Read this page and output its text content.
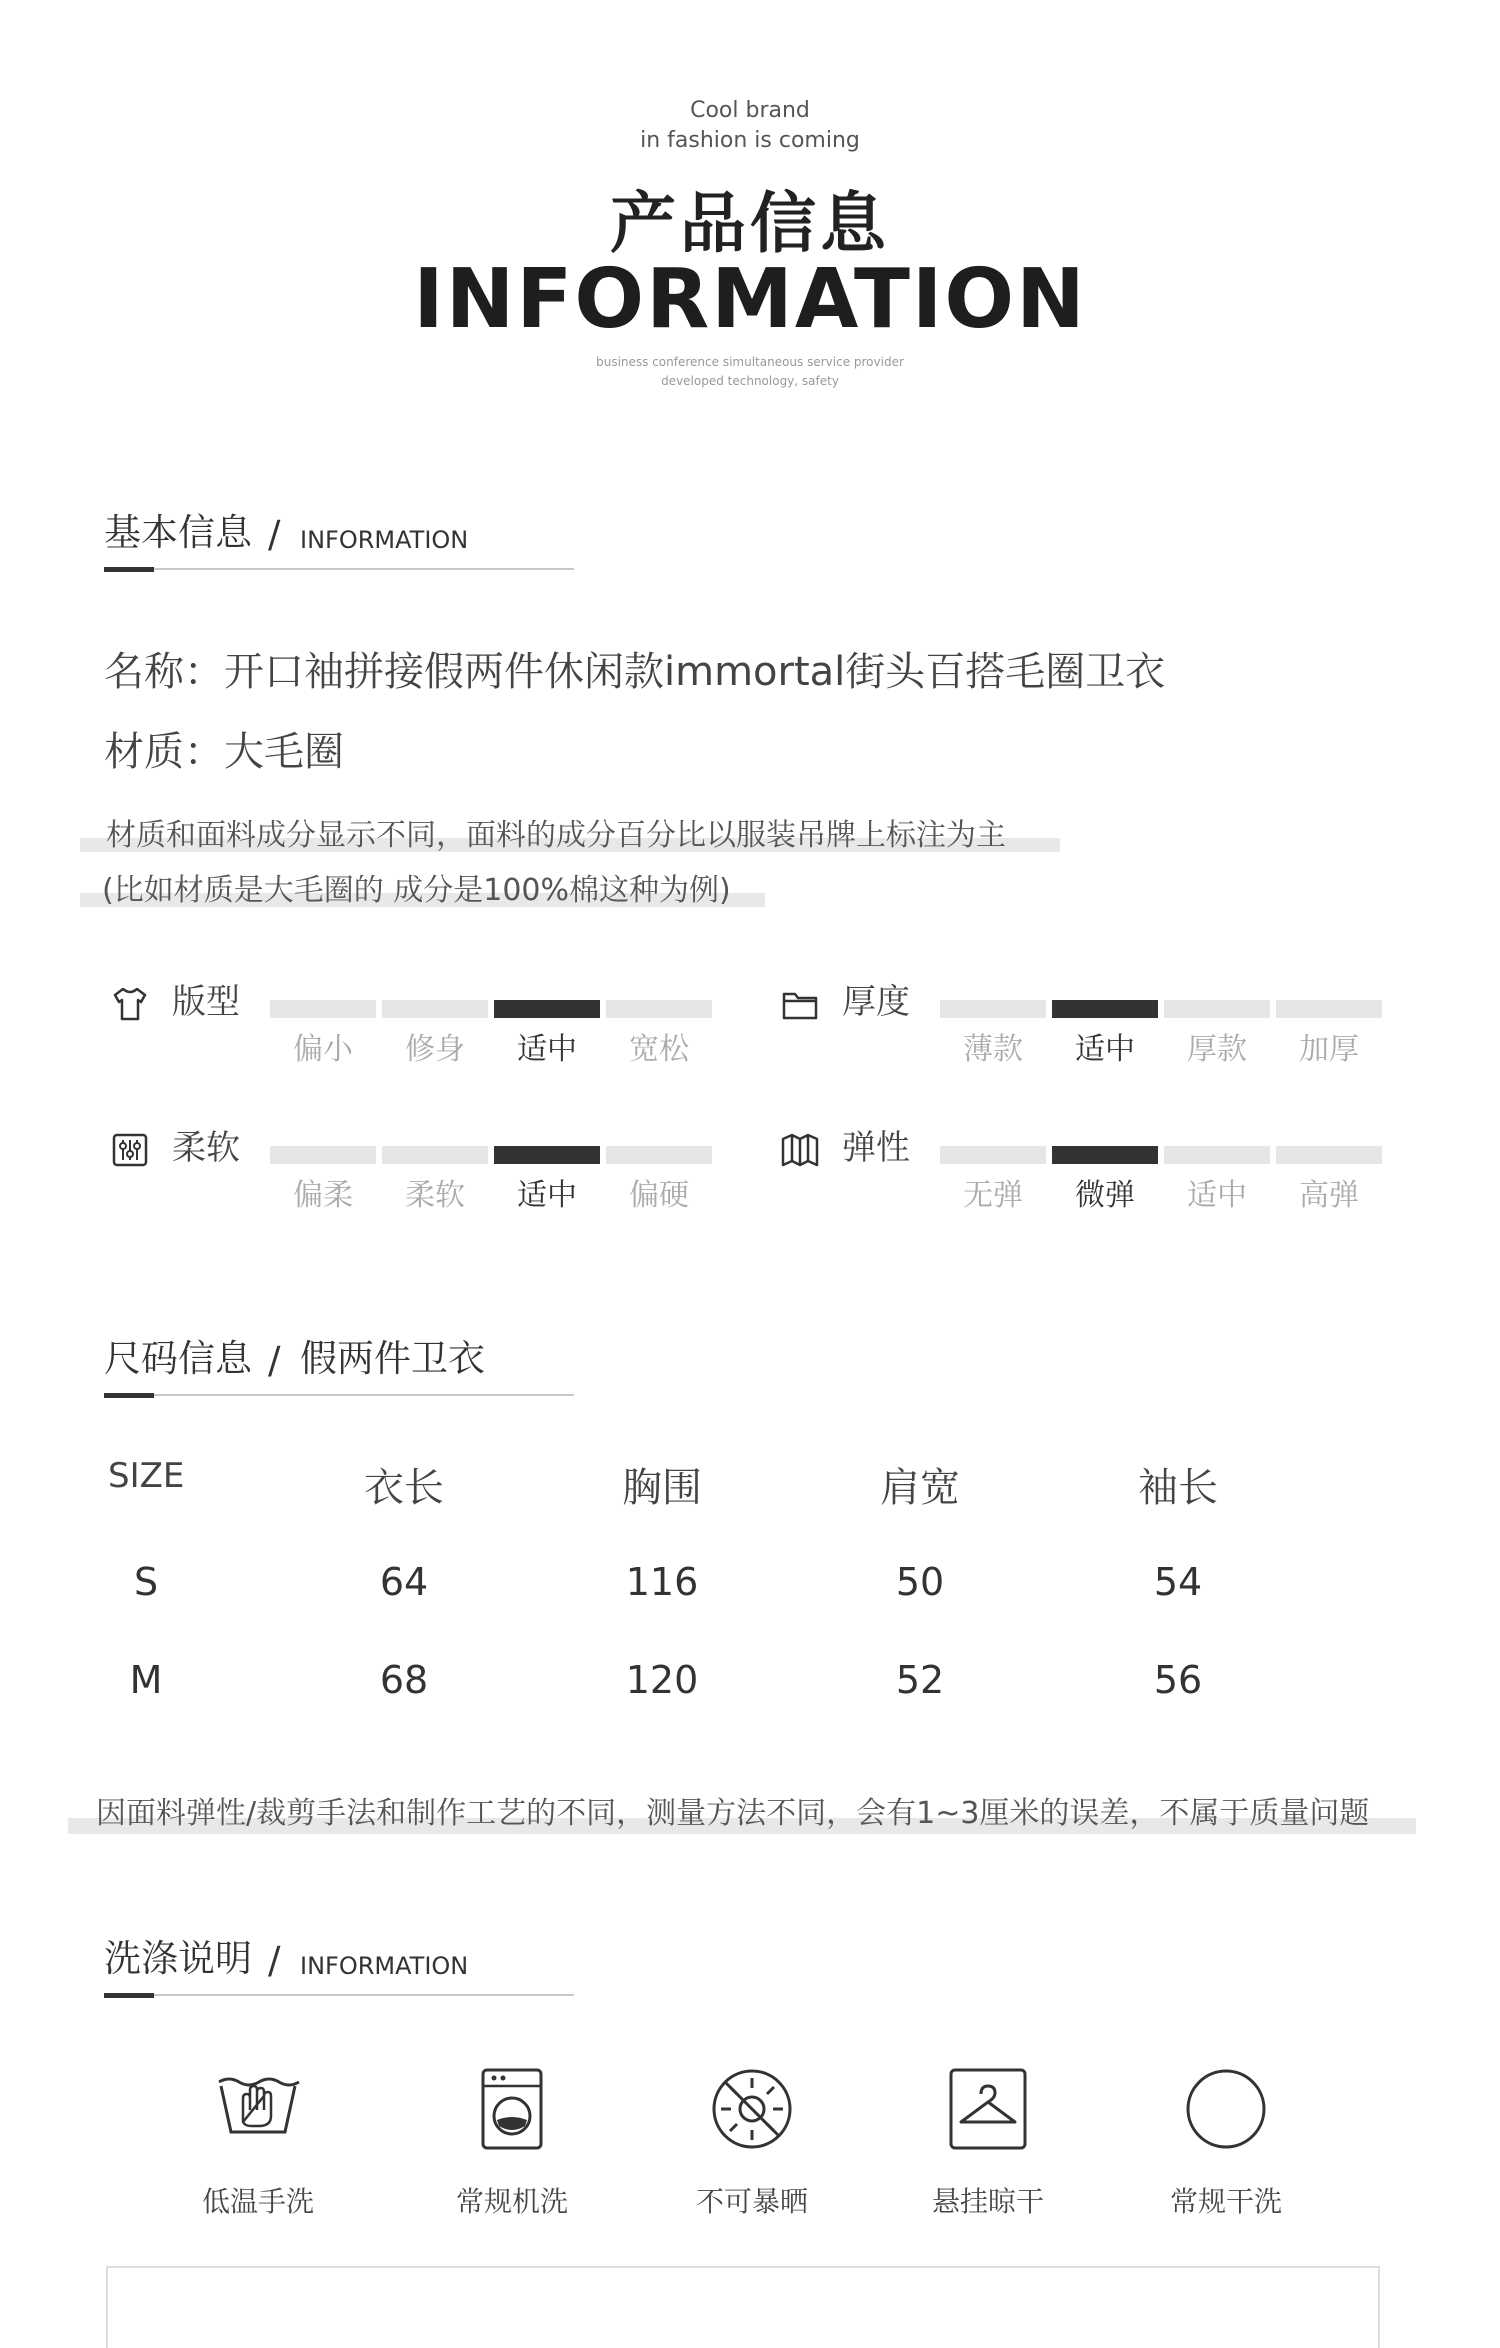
Cool brand
in fashion is coming
产品信息
INFORMATION
business conference simultaneous service provider
developed technology, safety
基本信息 / INFORMATION
名称：开口袖拼接假两件休闲款immortal街头百搭毛圈卫衣
材质：大毛圈
材质和面料成分显示不同，面料的成分百分比以服装吊牌上标注为主
(比如材质是大毛圈的 成分是100%棉这种为例)
版型
偏小	修身	适中	宽松
厚度
薄款	适中	厚款	加厚
柔软
偏柔	柔软	适中	偏硬
弹性
无弹	微弹	适中	高弹
尺码信息 / 假两件卫衣
SIZE	衣长	胸围	肩宽	袖长
S	64	116	50	54
M	68	120	52	56
因面料弹性/裁剪手法和制作工艺的不同，测量方法不同，会有1~3厘米的误差，不属于质量问题
洗涤说明 / INFORMATION
低温手洗	常规机洗	不可暴晒	悬挂晾干	常规干洗
